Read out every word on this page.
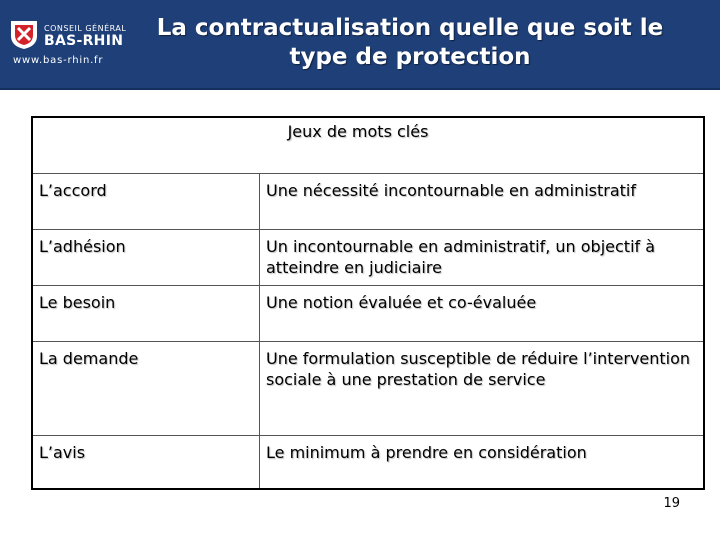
CONSEIL GÉNÉRAL
BAS-RHIN
www.bas-rhin.fr
La contractualisation quelle que soit le type de protection
Jeux de mots clés
L’accord	Une nécessité incontournable en administratif
L’adhésion	Un incontournable en administratif, un objectif à atteindre en judiciaire
Le besoin	Une notion évaluée et co-évaluée
La demande	Une formulation susceptible de réduire l’intervention sociale à une prestation de service
L’avis	Le minimum à prendre en considération
19
